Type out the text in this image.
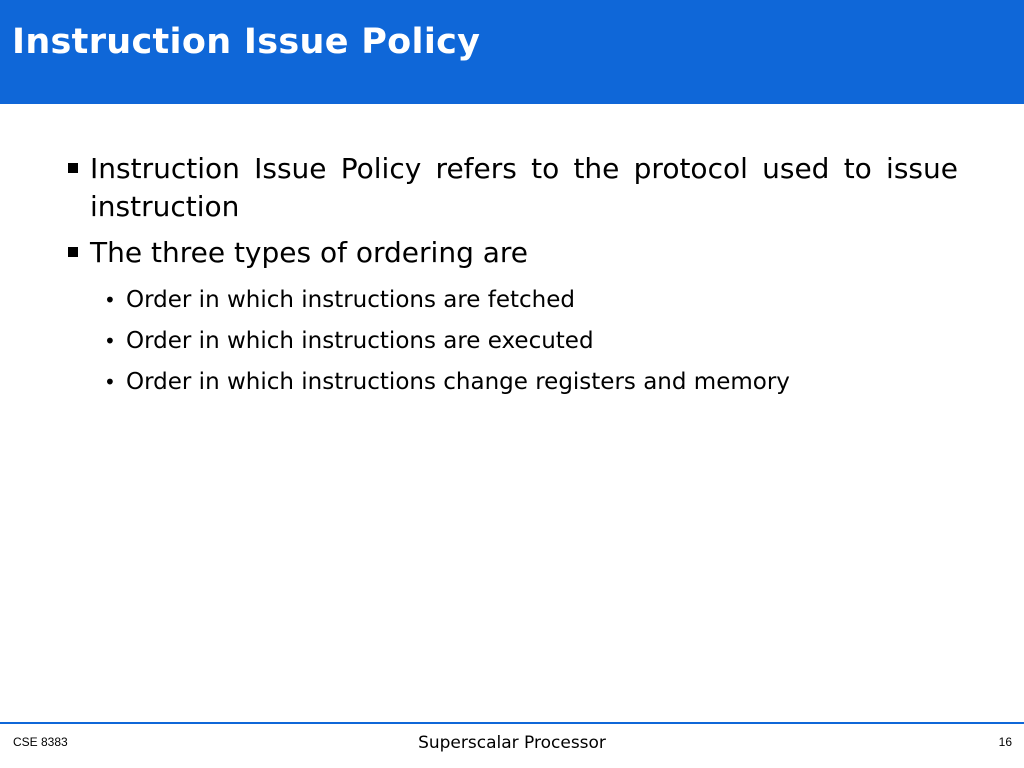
Instruction Issue Policy
Instruction Issue Policy refers to the protocol used to issue instruction
The three types of ordering are
• Order in which instructions are fetched
• Order in which instructions are executed
• Order in which instructions change registers and memory
CSE 8383	Superscalar Processor	16
